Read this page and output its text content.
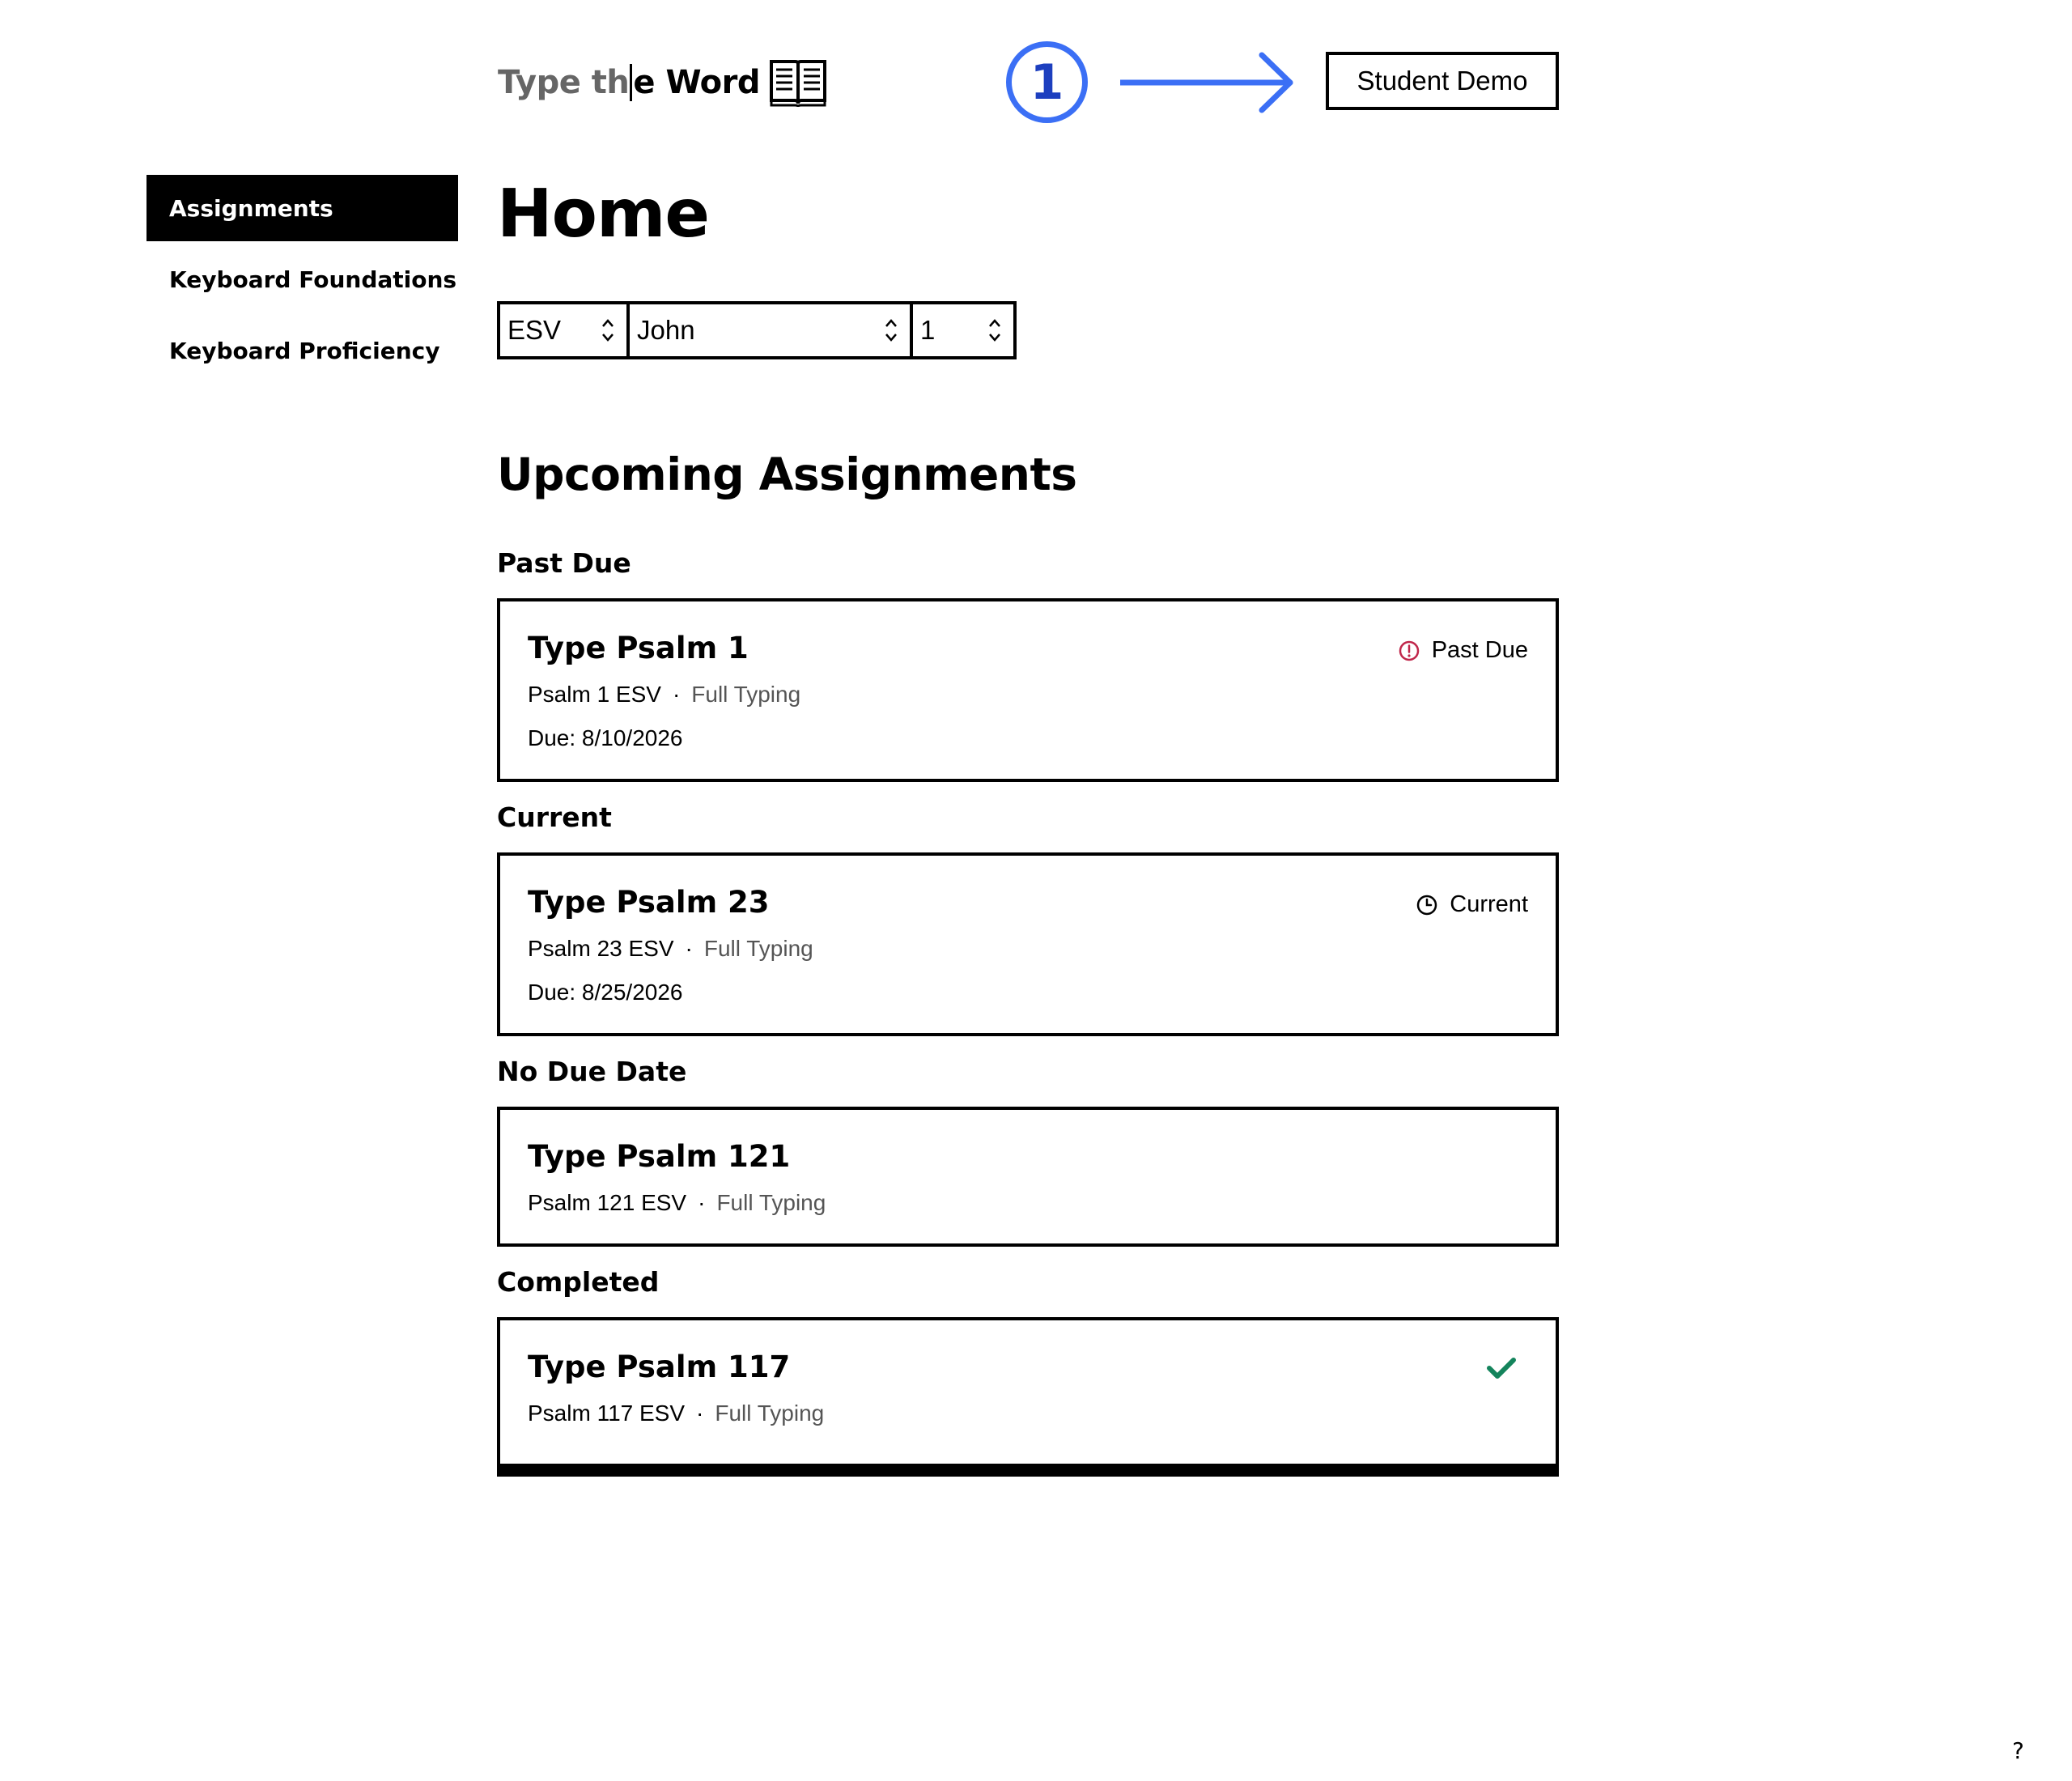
Type th e Word	1	Student Demo
Assignments
Keyboard Foundations
Keyboard Proficiency
Home
ESV	John	1
Upcoming Assignments
Past Due
Type Psalm 1
Psalm 1 ESV · Full Typing
Due: 8/10/2026
Past Due
Current
Type Psalm 23
Psalm 23 ESV · Full Typing
Due: 8/25/2026
Current
No Due Date
Type Psalm 121
Psalm 121 ESV · Full Typing
Completed
Type Psalm 117
Psalm 117 ESV · Full Typing
?
